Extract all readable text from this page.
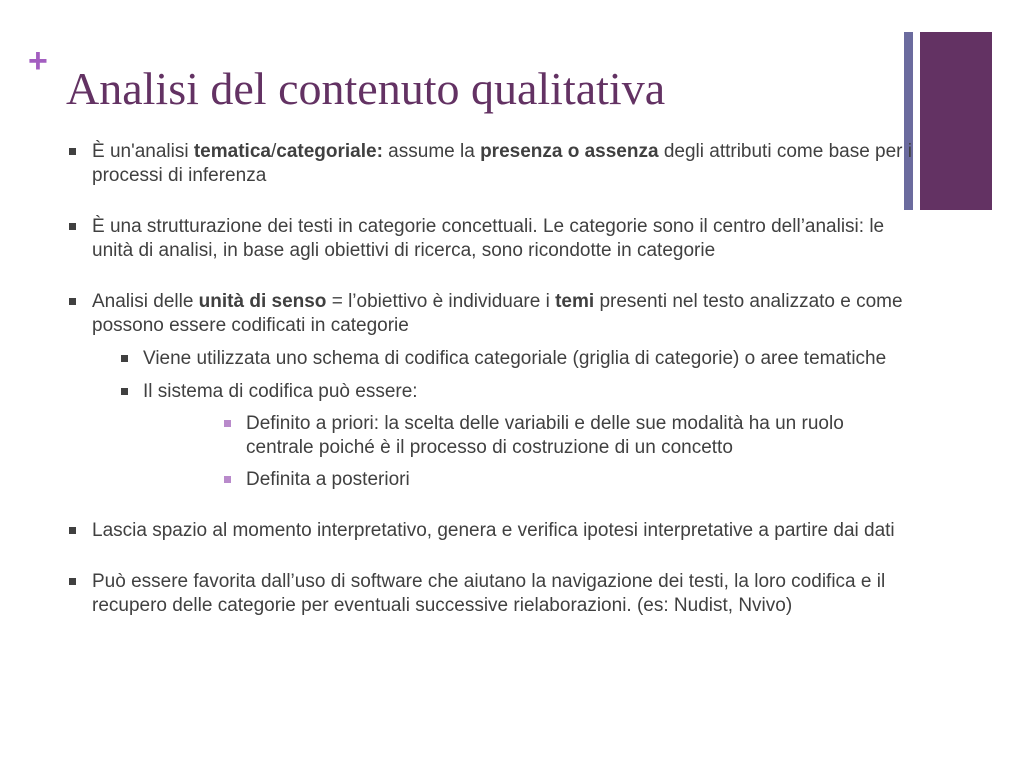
+
Analisi del contenuto qualitativa
È un'analisi tematica/categoriale: assume la presenza o assenza degli attributi come base per i processi di inferenza
È una strutturazione dei testi in categorie concettuali. Le categorie sono il centro dell’analisi: le unità di analisi, in base agli obiettivi di ricerca, sono ricondotte in categorie
Analisi delle unità di senso = l’obiettivo è individuare i temi presenti nel testo analizzato e come possono essere codificati in categorie
Viene utilizzata uno schema di codifica categoriale (griglia di categorie) o aree tematiche
Il sistema di codifica può essere:
Definito a priori: la scelta delle variabili e delle sue modalità ha un ruolo centrale poiché è il processo di costruzione di un concetto
Definita a posteriori
Lascia spazio al momento interpretativo, genera e verifica ipotesi interpretative a partire dai dati
Può essere favorita dall’uso di software che aiutano la navigazione dei testi, la loro codifica e il recupero delle categorie per eventuali successive rielaborazioni. (es: Nudist, Nvivo)
